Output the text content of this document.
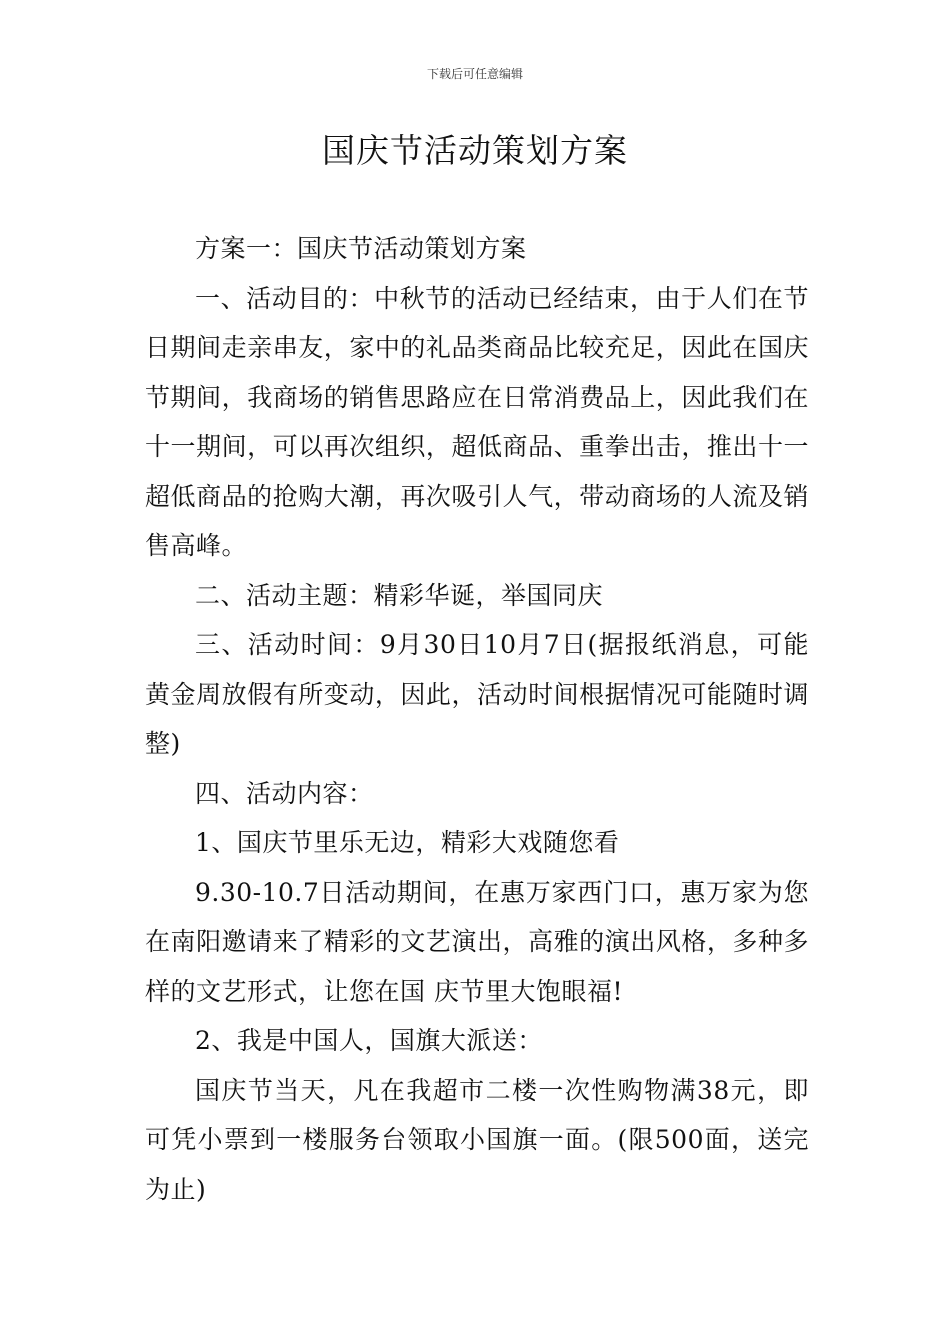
下载后可任意编辑
国庆节活动策划方案

方案一：国庆节活动策划方案

一、活动目的：中秋节的活动已经结束，由于人们在节日期间走亲串友，家中的礼品类商品比较充足，因此在国庆节期间，我商场的销售思路应在日常消费品上，因此我们在十一期间，可以再次组织，超低商品、重拳出击，推出十一超低商品的抢购大潮，再次吸引人气，带动商场的人流及销售高峰。

二、活动主题：精彩华诞，举国同庆

三、活动时间：9月30日10月7日(据报纸消息，可能黄金周放假有所变动，因此，活动时间根据情况可能随时调整)

四、活动内容：

1、国庆节里乐无边，精彩大戏随您看

9.30-10.7日活动期间，在惠万家西门口，惠万家为您在南阳邀请来了精彩的文艺演出，高雅的演出风格，多种多样的文艺形式，让您在国 庆节里大饱眼福!

2、我是中国人，国旗大派送：

国庆节当天，凡在我超市二楼一次性购物满38元，即可凭小票到一楼服务台领取小国旗一面。(限500面，送完为止)
